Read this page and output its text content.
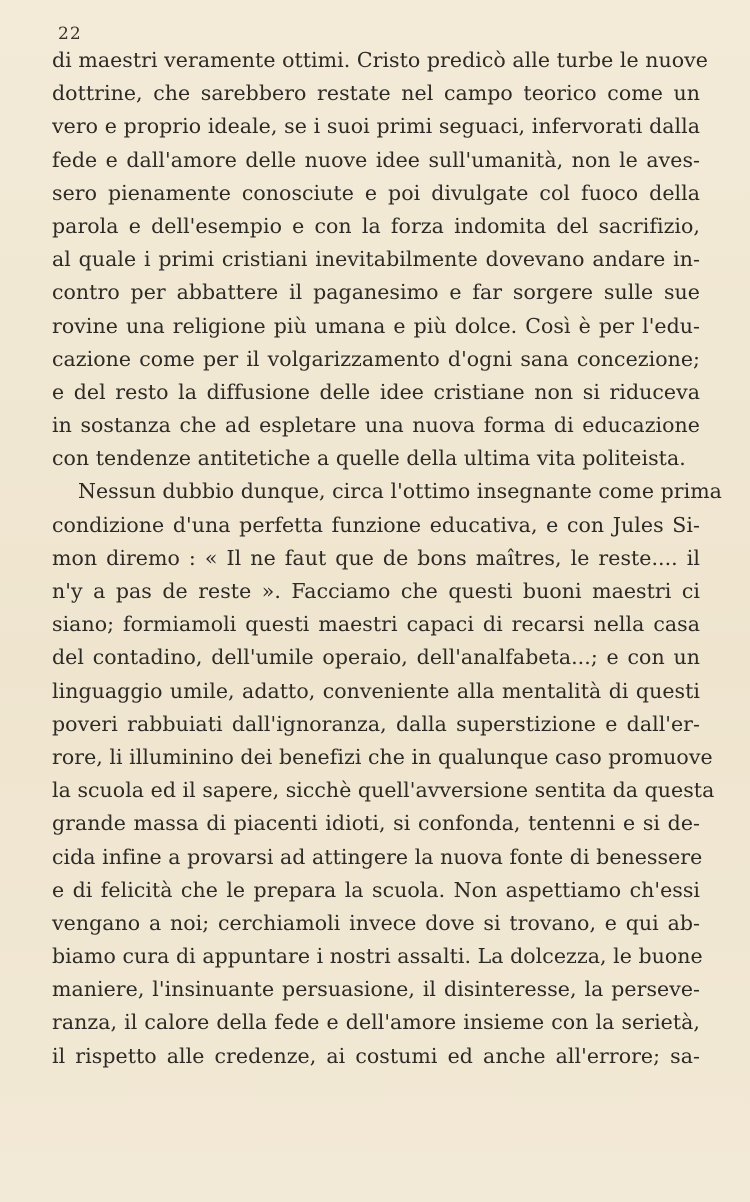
22
di maestri veramente ottimi. Cristo predicò alle turbe le nuove
dottrine, che sarebbero restate nel campo teorico come un
vero e proprio ideale, se i suoi primi seguaci, infervorati dalla
fede e dall'amore delle nuove idee sull'umanità, non le aves-
sero pienamente conosciute e poi divulgate col fuoco della
parola e dell'esempio e con la forza indomita del sacrifizio,
al quale i primi cristiani inevitabilmente dovevano andare in-
contro per abbattere il paganesimo e far sorgere sulle sue
rovine una religione più umana e più dolce. Così è per l'edu-
cazione come per il volgarizzamento d'ogni sana concezione;
e del resto la diffusione delle idee cristiane non si riduceva
in sostanza che ad espletare una nuova forma di educazione
con tendenze antitetiche a quelle della ultima vita politeista.
Nessun dubbio dunque, circa l'ottimo insegnante come prima
condizione d'una perfetta funzione educativa, e con Jules Si-
mon diremo : « Il ne faut que de bons maîtres, le reste.... il
n'y a pas de reste ». Facciamo che questi buoni maestri ci
siano; formiamoli questi maestri capaci di recarsi nella casa
del contadino, dell'umile operaio, dell'analfabeta...; e con un
linguaggio umile, adatto, conveniente alla mentalità di questi
poveri rabbuiati dall'ignoranza, dalla superstizione e dall'er-
rore, li illuminino dei benefizi che in qualunque caso promuove
la scuola ed il sapere, sicchè quell'avversione sentita da questa
grande massa di piacenti idioti, si confonda, tentenni e si de-
cida infine a provarsi ad attingere la nuova fonte di benessere
e di felicità che le prepara la scuola. Non aspettiamo ch'essi
vengano a noi; cerchiamoli invece dove si trovano, e qui ab-
biamo cura di appuntare i nostri assalti. La dolcezza, le buone
maniere, l'insinuante persuasione, il disinteresse, la perseve-
ranza, il calore della fede e dell'amore insieme con la serietà,
il rispetto alle credenze, ai costumi ed anche all'errore; sa-
